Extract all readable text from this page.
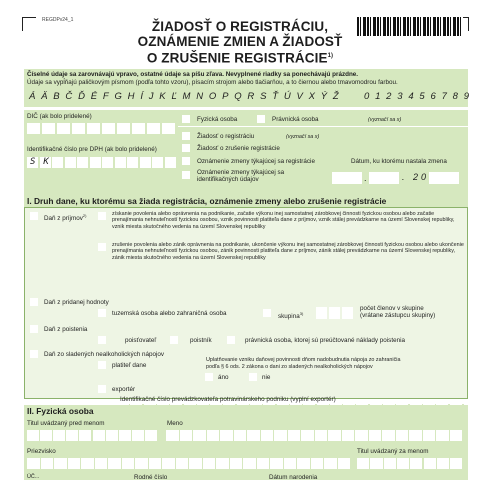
REGDPv24_1	ŽIADOSŤ O REGISTRÁCIU,
OZNÁMENIE ZMIEN A ŽIADOSŤ
O ZRUŠENIE REGISTRÁCIE$^{1)}$
Číselné údaje sa zarovnávajú vpravo, ostatné údaje sa píšu zľava. Nevyplnené riadky sa ponechávajú prázdne.
Údaje sa vypĺňajú paličkovým písmom (podľa tohto vzoru), písacím strojom alebo tlačiarňou, a to čiernou alebo tmavomodrou farbou.
ÁÄBČĎÉFGHÍJKĽMNOPQRSŤÚVXÝŽ 0123456789
DIČ (ak bolo pridelené)
Identifikačné číslo pre DPH (ak bolo pridelené)
SK
Fyzická osoba	Právnická osoba	(vyznačí sa x)
Žiadosť o registráciu	(vyznačí sa x)
Žiadosť o zrušenie registrácie
Oznámenie zmeny týkajúcej sa registrácie	Dátum, ku ktorému nastala zmena
Oznámenie zmeny týkajúcej sa
identifikačných údajov	.	. 20
I. Druh dane, ku ktorému sa žiada registrácia, oznámenie zmeny alebo zrušenie registrácie
Daň z príjmov$^{2)}$	získanie povolenia alebo oprávnenia na podnikanie, začatie výkonu inej samostatnej zárobkovej činnosti fyzickou osobou alebo začatie prenajímania nehnuteľností fyzickou osobou, vznik povinnosti platiteľa dane z príjmov, vznik stálej prevádzkarne na území Slovenskej republiky, vznik miesta skutočného vedenia na území Slovenskej republiky
zrušenie povolenia alebo zánik oprávnenia na podnikanie, ukončenie výkonu inej samostatnej zárobkovej činnosti fyzickou osobou alebo ukončenie prenajímania nehnuteľností fyzickou osobou, zánik povinnosti platiteľa dane z príjmov, zánik stálej prevádzkarne na území Slovenskej republiky, zánik miesta skutočného vedenia na území Slovenskej republiky
Daň z pridanej hodnoty
tuzemská osoba alebo zahraničná osoba	skupina$^{3)}$
počet členov v skupine
(vrátane zástupcu skupiny)
Daň z poistenia
poisťovateľ	poistník	právnická osoba, ktorej sú preúčtované náklady poistenia
Daň zo sladených nealkoholických nápojov
platiteľ dane
Uplatňovanie vzniku daňovej povinnosti dňom nadobudnutia nápoja zo zahraničia
podľa § 6 ods. 2 zákona o dani zo sladených nealkoholických nápojov
áno	nie
exportér
Identifikačné číslo prevádzkovateľa potravinárskeho podniku (vyplní exportér)
II. Fyzická osoba
Titul uvádzaný pred menom	Meno
Priezvisko	Titul uvádzaný za menom
ÚČ...	Rodné číslo	Dátum narodenia
